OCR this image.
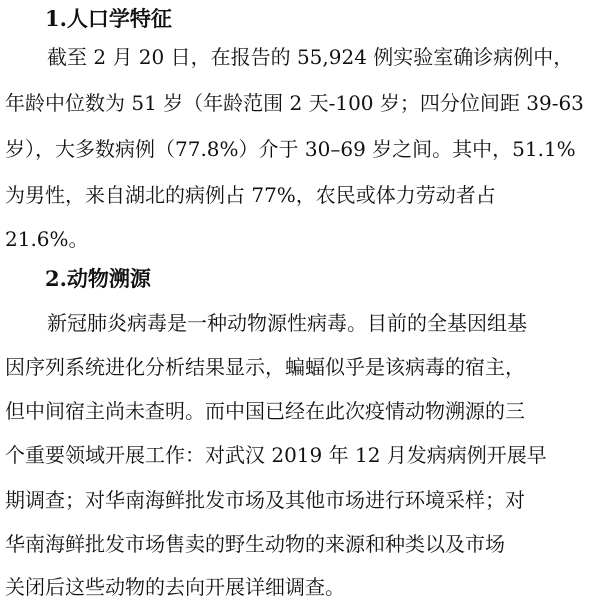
1.人口学特征
截至 2 月 20 日，在报告的 55,924 例实验室确诊病例中，
年龄中位数为 51 岁（年龄范围 2 天-100 岁；四分位间距 39-63
岁），大多数病例（77.8%）介于 30–69 岁之间。其中，51.1%
为男性，来自湖北的病例占 77%，农民或体力劳动者占
21.6%。
2.动物溯源
新冠肺炎病毒是一种动物源性病毒。目前的全基因组基
因序列系统进化分析结果显示，蝙蝠似乎是该病毒的宿主，
但中间宿主尚未查明。而中国已经在此次疫情动物溯源的三
个重要领域开展工作：对武汉 2019 年 12 月发病病例开展早
期调查；对华南海鲜批发市场及其他市场进行环境采样；对
华南海鲜批发市场售卖的野生动物的来源和种类以及市场
关闭后这些动物的去向开展详细调查。
